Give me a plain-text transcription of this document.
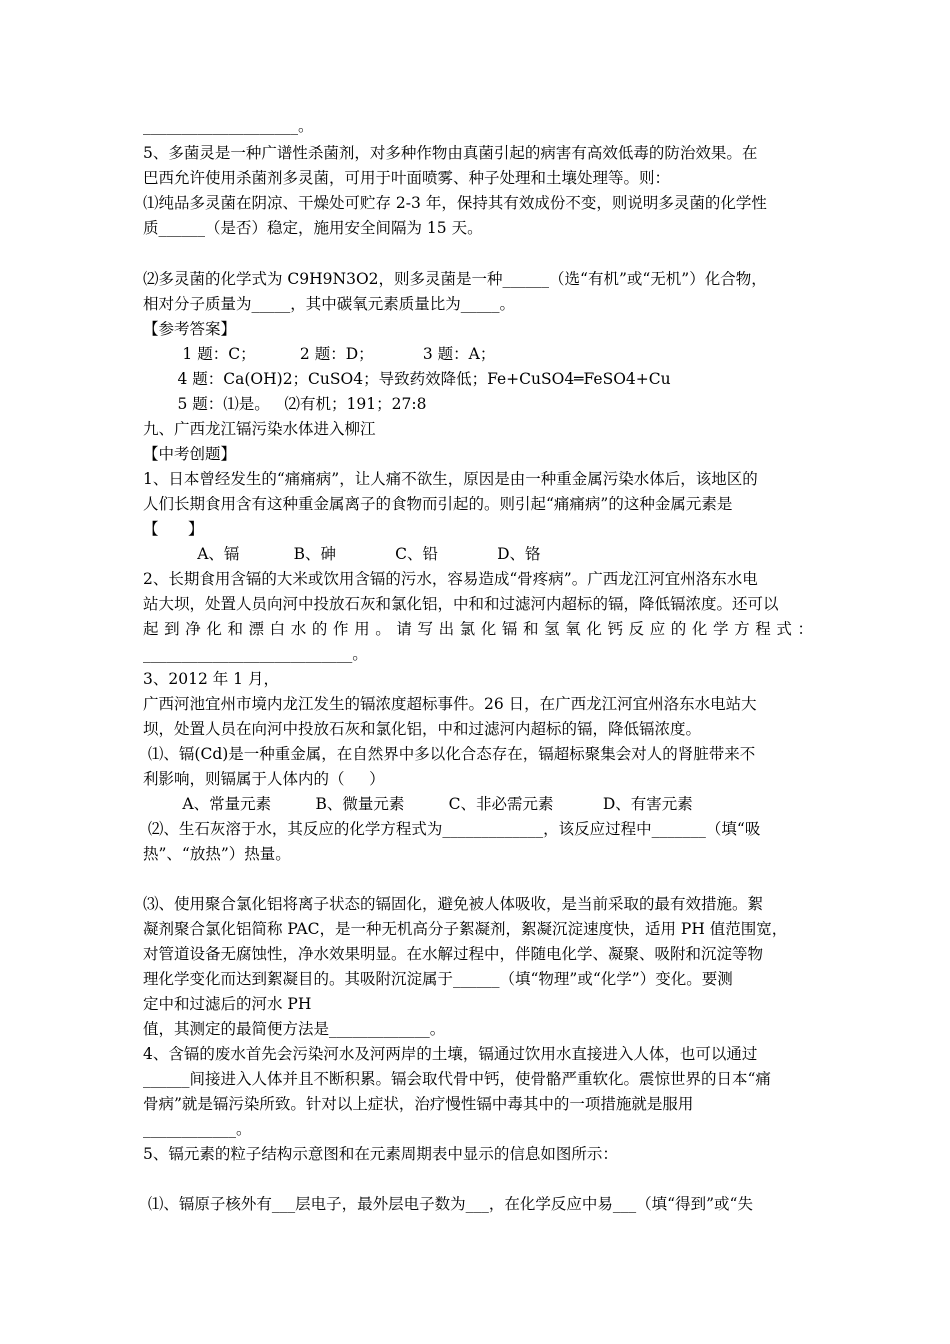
____________________。

5、多菌灵是一种广谱性杀菌剂，对多种作物由真菌引起的病害有高效低毒的防治效果。在

巴西允许使用杀菌剂多灵菌，可用于叶面喷雾、种子处理和土壤处理等。则：

⑴纯品多灵菌在阴凉、干燥处可贮存 2-3 年，保持其有效成份不变，则说明多灵菌的化学性

质______（是否）稳定，施用安全间隔为 15 天。

⑵多灵菌的化学式为 C9H9N3O2，则多灵菌是一种______（选“有机”或“无机”）化合物，

相对分子质量为_____，其中碳氧元素质量比为_____。

【参考答案】

1 题：C；         2 题：D；          3 题：A；

4 题：Ca(OH)2；CuSO4；导致药效降低；Fe+CuSO4═FeSO4+Cu

5 题：⑴是。   ⑵有机；191；27:8

九、广西龙江镉污染水体进入柳江

【中考创题】

1、日本曾经发生的“痛痛病”，让人痛不欲生，原因是由一种重金属污染水体后，该地区的

人们长期食用含有这种重金属离子的食物而引起的。则引起“痛痛病”的这种金属元素是

【      】

A、镉           B、砷            C、铅            D、铬

2、长期食用含镉的大米或饮用含镉的污水，容易造成“骨疼病”。广西龙江河宜州洛东水电

站大坝，处置人员向河中投放石灰和氯化铝，中和和过滤河内超标的镉，降低镉浓度。还可以

起到净化和漂白水的作用。请写出氯化镉和氢氧化钙反应的化学方程式：

___________________________。

3、2012 年 1 月，

广西河池宜州市境内龙江发生的镉浓度超标事件。26 日，在广西龙江河宜州洛东水电站大

坝，处置人员在向河中投放石灰和氯化铝，中和过滤河内超标的镉，降低镉浓度。

⑴、镉(Cd)是一种重金属，在自然界中多以化合态存在，镉超标聚集会对人的肾脏带来不

利影响，则镉属于人体内的（     ）

A、常量元素         B、微量元素         C、非必需元素          D、有害元素

⑵、生石灰溶于水，其反应的化学方程式为_____________，该反应过程中_______（填“吸

热”、“放热”）热量。

⑶、使用聚合氯化铝将离子状态的镉固化，避免被人体吸收，是当前采取的最有效措施。絮

凝剂聚合氯化铝简称 PAC，是一种无机高分子絮凝剂，絮凝沉淀速度快，适用 PH 值范围宽，

对管道设备无腐蚀性，净水效果明显。在水解过程中，伴随电化学、凝聚、吸附和沉淀等物

理化学变化而达到絮凝目的。其吸附沉淀属于______（填“物理”或“化学”）变化。要测

定中和过滤后的河水 PH

值，其测定的最简便方法是_____________。

4、含镉的废水首先会污染河水及河两岸的土壤，镉通过饮用水直接进入人体，也可以通过

______间接进入人体并且不断积累。镉会取代骨中钙，使骨骼严重软化。震惊世界的日本“痛

骨病”就是镉污染所致。针对以上症状，治疗慢性镉中毒其中的一项措施就是服用

____________。

5、镉元素的粒子结构示意图和在元素周期表中显示的信息如图所示：

⑴、镉原子核外有___层电子，最外层电子数为___，在化学反应中易___（填“得到”或“失
